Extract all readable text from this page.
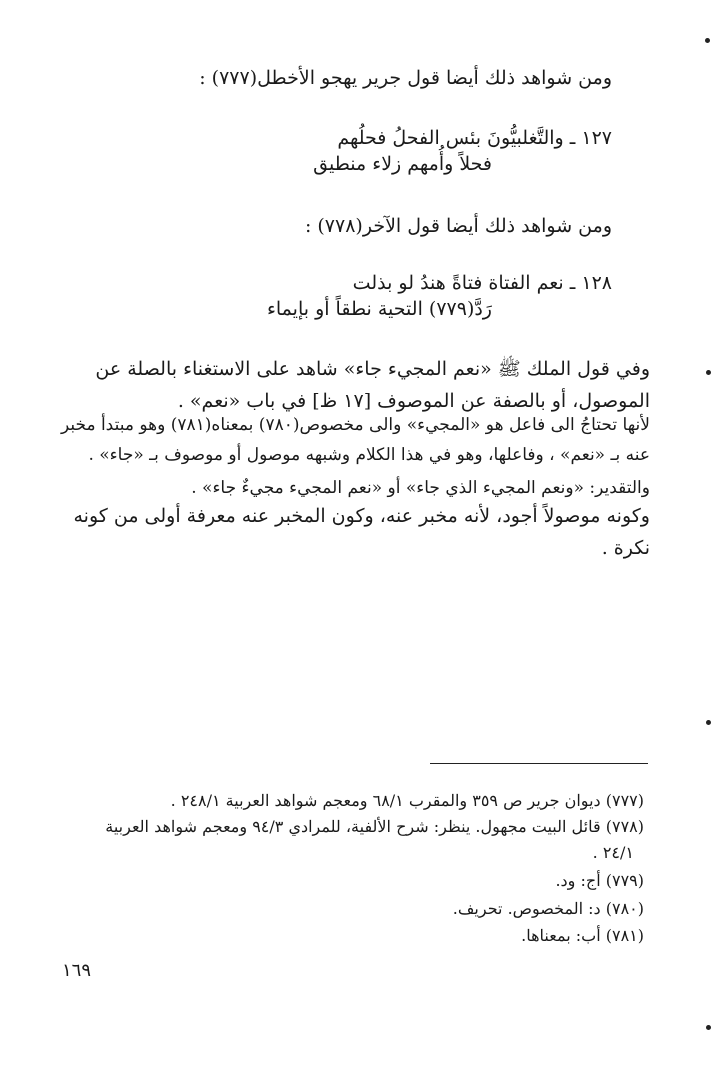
ومن شواهد ذلك أيضا قول جرير يهجو الأخطل(٧٧٧) :
١٢٧ ـ والتَّغلبيُّونَ بئس الفحلُ فحلُهم
فحلاً وأُمهم زلاء منطيق
ومن شواهد ذلك أيضا قول الآخر(٧٧٨) :
١٢٨ ـ نعم الفتاة فتاةً هندُ لو بذلت
رَدَّ(٧٧٩) التحية نطقاً أو بإيماء
وفي قول الملك ﷺ «نعم المجيء جاء» شاهد على الاستغناء بالصلة عن
الموصول، أو بالصفة عن الموصوف [١٧ ظ] في باب «نعم» .
لأنها تحتاجُ الى فاعل هو «المجيء» والى مخصوص(٧٨٠) بمعناه(٧٨١) وهو مبتدأ مخبر
عنه بـ «نعم» ، وفاعلها، وهو في هذا الكلام وشبهه موصول أو موصوف بـ «جاء» .
والتقدير: «ونعم المجيء الذي جاء» أو «نعم المجيء مجيءٌ جاء» .
وكونه موصولاً أجود، لأنه مخبر عنه، وكون المخبر عنه معرفة أولى من كونه
نكرة .
(٧٧٧) ديوان جرير ص ٣٥٩ والمقرب ٦٨/١ ومعجم شواهد العربية ٢٤٨/١ .
(٧٧٨) قائل البيت مجهول. ينظر: شرح الألفية، للمرادي ٩٤/٣ ومعجم شواهد العربية
٢٤/١ .
(٧٧٩) أج: ود.
(٧٨٠) د: المخصوص. تحريف.
(٧٨١) أب: بمعناها.
١٦٩
